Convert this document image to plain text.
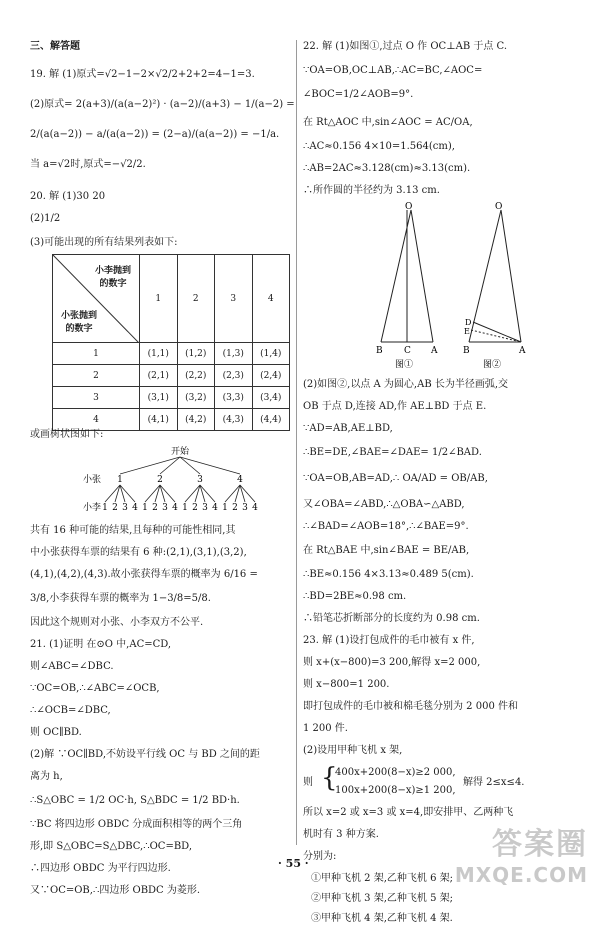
三、解答题
19. 解 (1)原式=√2−1−2×√2/2+2+2=4−1=3.
(2)原式= 2(a+3)/(a(a−2)²) · (a−2)/(a+3) − 1/(a−2) =
2/(a(a−2)) − a/(a(a−2)) = (2−a)/(a(a−2)) = −1/a.
当 a=√2时,原式=−√2/2.
20. 解 (1)30 20
(2)1/2
(3)可能出现的所有结果列表如下:
小李抛到的数字
小张抛到的数字	1	2	3	4
1	(1,1)	(1,2)	(1,3)	(1,4)
2	(2,1)	(2,2)	(2,3)	(2,4)
3	(3,1)	(3,2)	(3,3)	(3,4)
4	(4,1)	(4,2)	(4,3)	(4,4)
或画树状图如下:
开始
小张
小李
1	2	3	4
1 2 3 4 1 2 3 4 1 2 3 4 1 2 3 4
共有 16 种可能的结果,且每种的可能性相同,其
中小张获得车票的结果有 6 种:(2,1),(3,1),(3,2),
(4,1),(4,2),(4,3).故小张获得车票的概率为 6/16 =
3/8,小李获得车票的概率为 1−3/8=5/8.
因此这个规则对小张、小李双方不公平.
21. (1)证明 在⊙O 中,AC=CD,
则∠ABC=∠DBC.
∵OC=OB,∴∠ABC=∠OCB,
∴∠OCB=∠DBC,
则 OC∥BD.
(2)解 ∵OC∥BD,不妨设平行线 OC 与 BD 之间的距
离为 h,
∴S△OBC = 1/2 OC·h, S△BDC = 1/2 BD·h.
∵BC 将四边形 OBDC 分成面积相等的两个三角
形,即 S△OBC=S△DBC,∴OC=BD,
∴四边形 OBDC 为平行四边形.
又∵OC=OB,∴四边形 OBDC 为菱形.
22. 解 (1)如图①,过点 O 作 OC⊥AB 于点 C.
∵OA=OB,OC⊥AB,∴AC=BC,∠AOC=
∠BOC=1/2∠AOB=9°.
在 Rt△AOC 中,sin∠AOC = AC/OA,
∴AC≈0.156 4×10=1.564(cm),
∴AB=2AC≈3.128(cm)≈3.13(cm).
∴所作圆的半径约为 3.13 cm.
O
B C A
图①
O
D
E
B	A
图②
(2)如图②,以点 A 为圆心,AB 长为半径画弧,交
OB 于点 D,连接 AD,作 AE⊥BD 于点 E.
∵AD=AB,AE⊥BD,
∴BE=DE,∠BAE=∠DAE= 1/2∠BAD.
∵OA=OB,AB=AD,∴ OA/AD = OB/AB,
又∠OBA=∠ABD,∴△OBA∽△ABD,
∴∠BAD=∠AOB=18°,∴∠BAE=9°.
在 Rt△BAE 中,sin∠BAE = BE/AB,
∴BE≈0.156 4×3.13≈0.489 5(cm).
∴BD=2BE≈0.98 cm.
∴铅笔芯折断部分的长度约为 0.98 cm.
23. 解 (1)设打包成件的毛巾被有 x 件,
则 x+(x−800)=3 200,解得 x=2 000,
则 x−800=1 200.
即打包成件的毛巾被和棉毛毯分别为 2 000 件和
1 200 件.
(2)设用甲种飞机 x 架,
则 {
400x+200(8−x)≥2 000,
100x+200(8−x)≥1 200,
解得 2≤x≤4.
所以 x=2 或 x=3 或 x=4,即安排甲、乙两种飞
机时有 3 种方案.
分别为:
①甲种飞机 2 架,乙种飞机 6 架;
②甲种飞机 3 架,乙种飞机 5 架;
③甲种飞机 4 架,乙种飞机 4 架.
· 55 ·
答案圈
MXQE.COM
